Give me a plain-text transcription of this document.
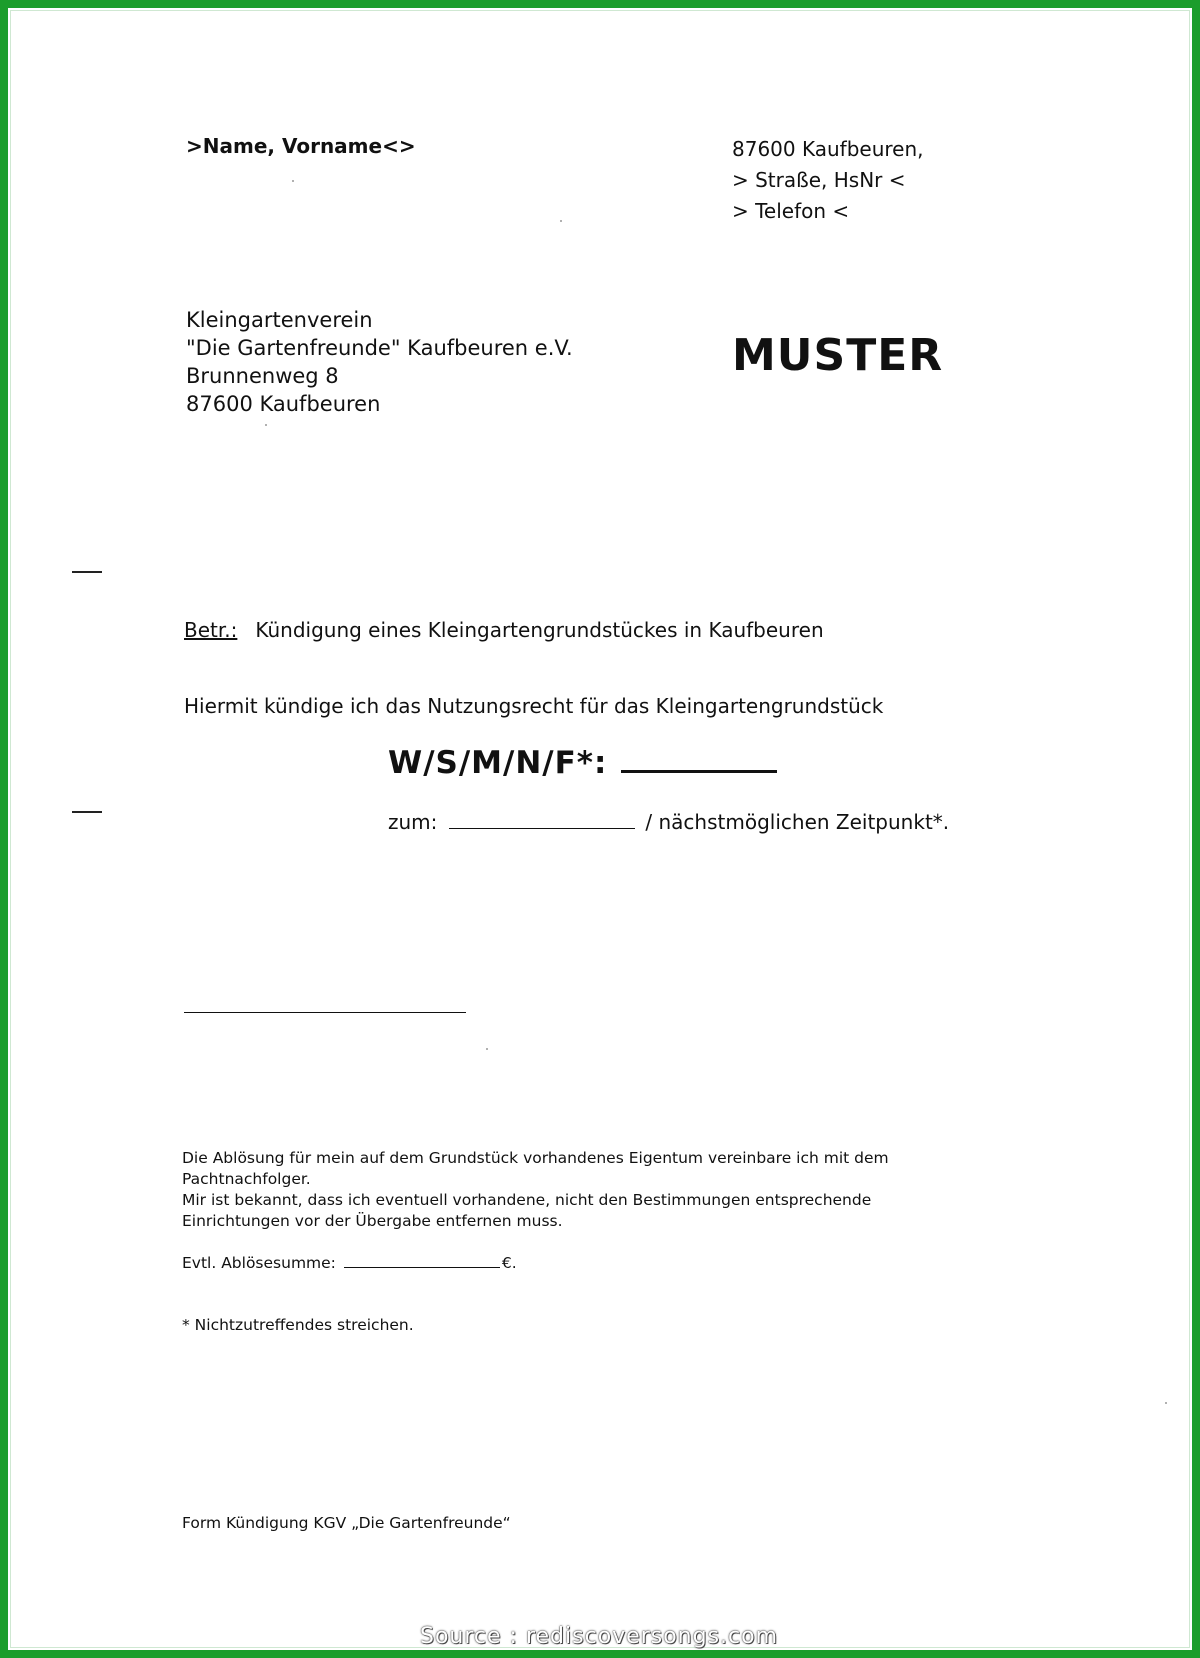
>Name, Vorname<>	87600 Kaufbeuren,
> Straße, HsNr <
> Telefon <
Kleingartenverein
"Die Gartenfreunde" Kaufbeuren e.V.
Brunnenweg 8
87600 Kaufbeuren
MUSTER
Betr.: Kündigung eines Kleingartengrundstückes in Kaufbeuren
Hiermit kündige ich das Nutzungsrecht für das Kleingartengrundstück
W/S/M/N/F*:
zum:	/ nächstmöglichen Zeitpunkt*.
Die Ablösung für mein auf dem Grundstück vorhandenes Eigentum vereinbare ich mit dem
Pachtnachfolger.
Mir ist bekannt, dass ich eventuell vorhandene, nicht den Bestimmungen entsprechende
Einrichtungen vor der Übergabe entfernen muss.
Evtl. Ablösesumme:	€.
* Nichtzutreffendes streichen.
Form Kündigung KGV „Die Gartenfreunde“
Source : rediscoversongs.com
